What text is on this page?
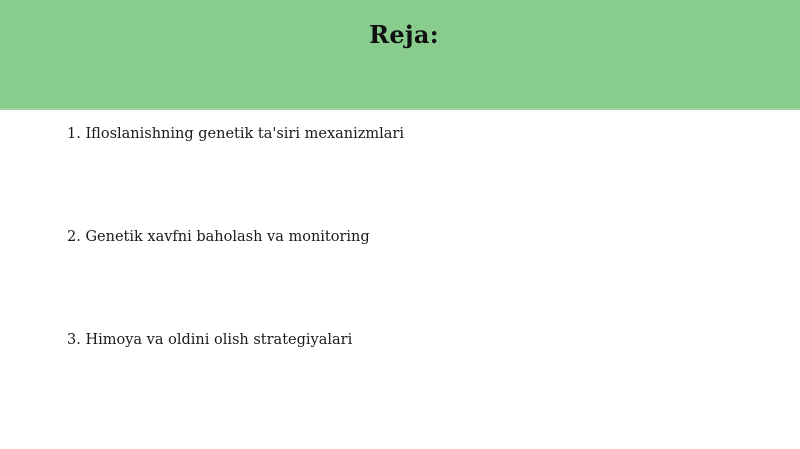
Reja:
1. Ifloslanishning genetik ta'siri mexanizmlari
2. Genetik xavfni baholash va monitoring
3. Himoya va oldini olish strategiyalari
